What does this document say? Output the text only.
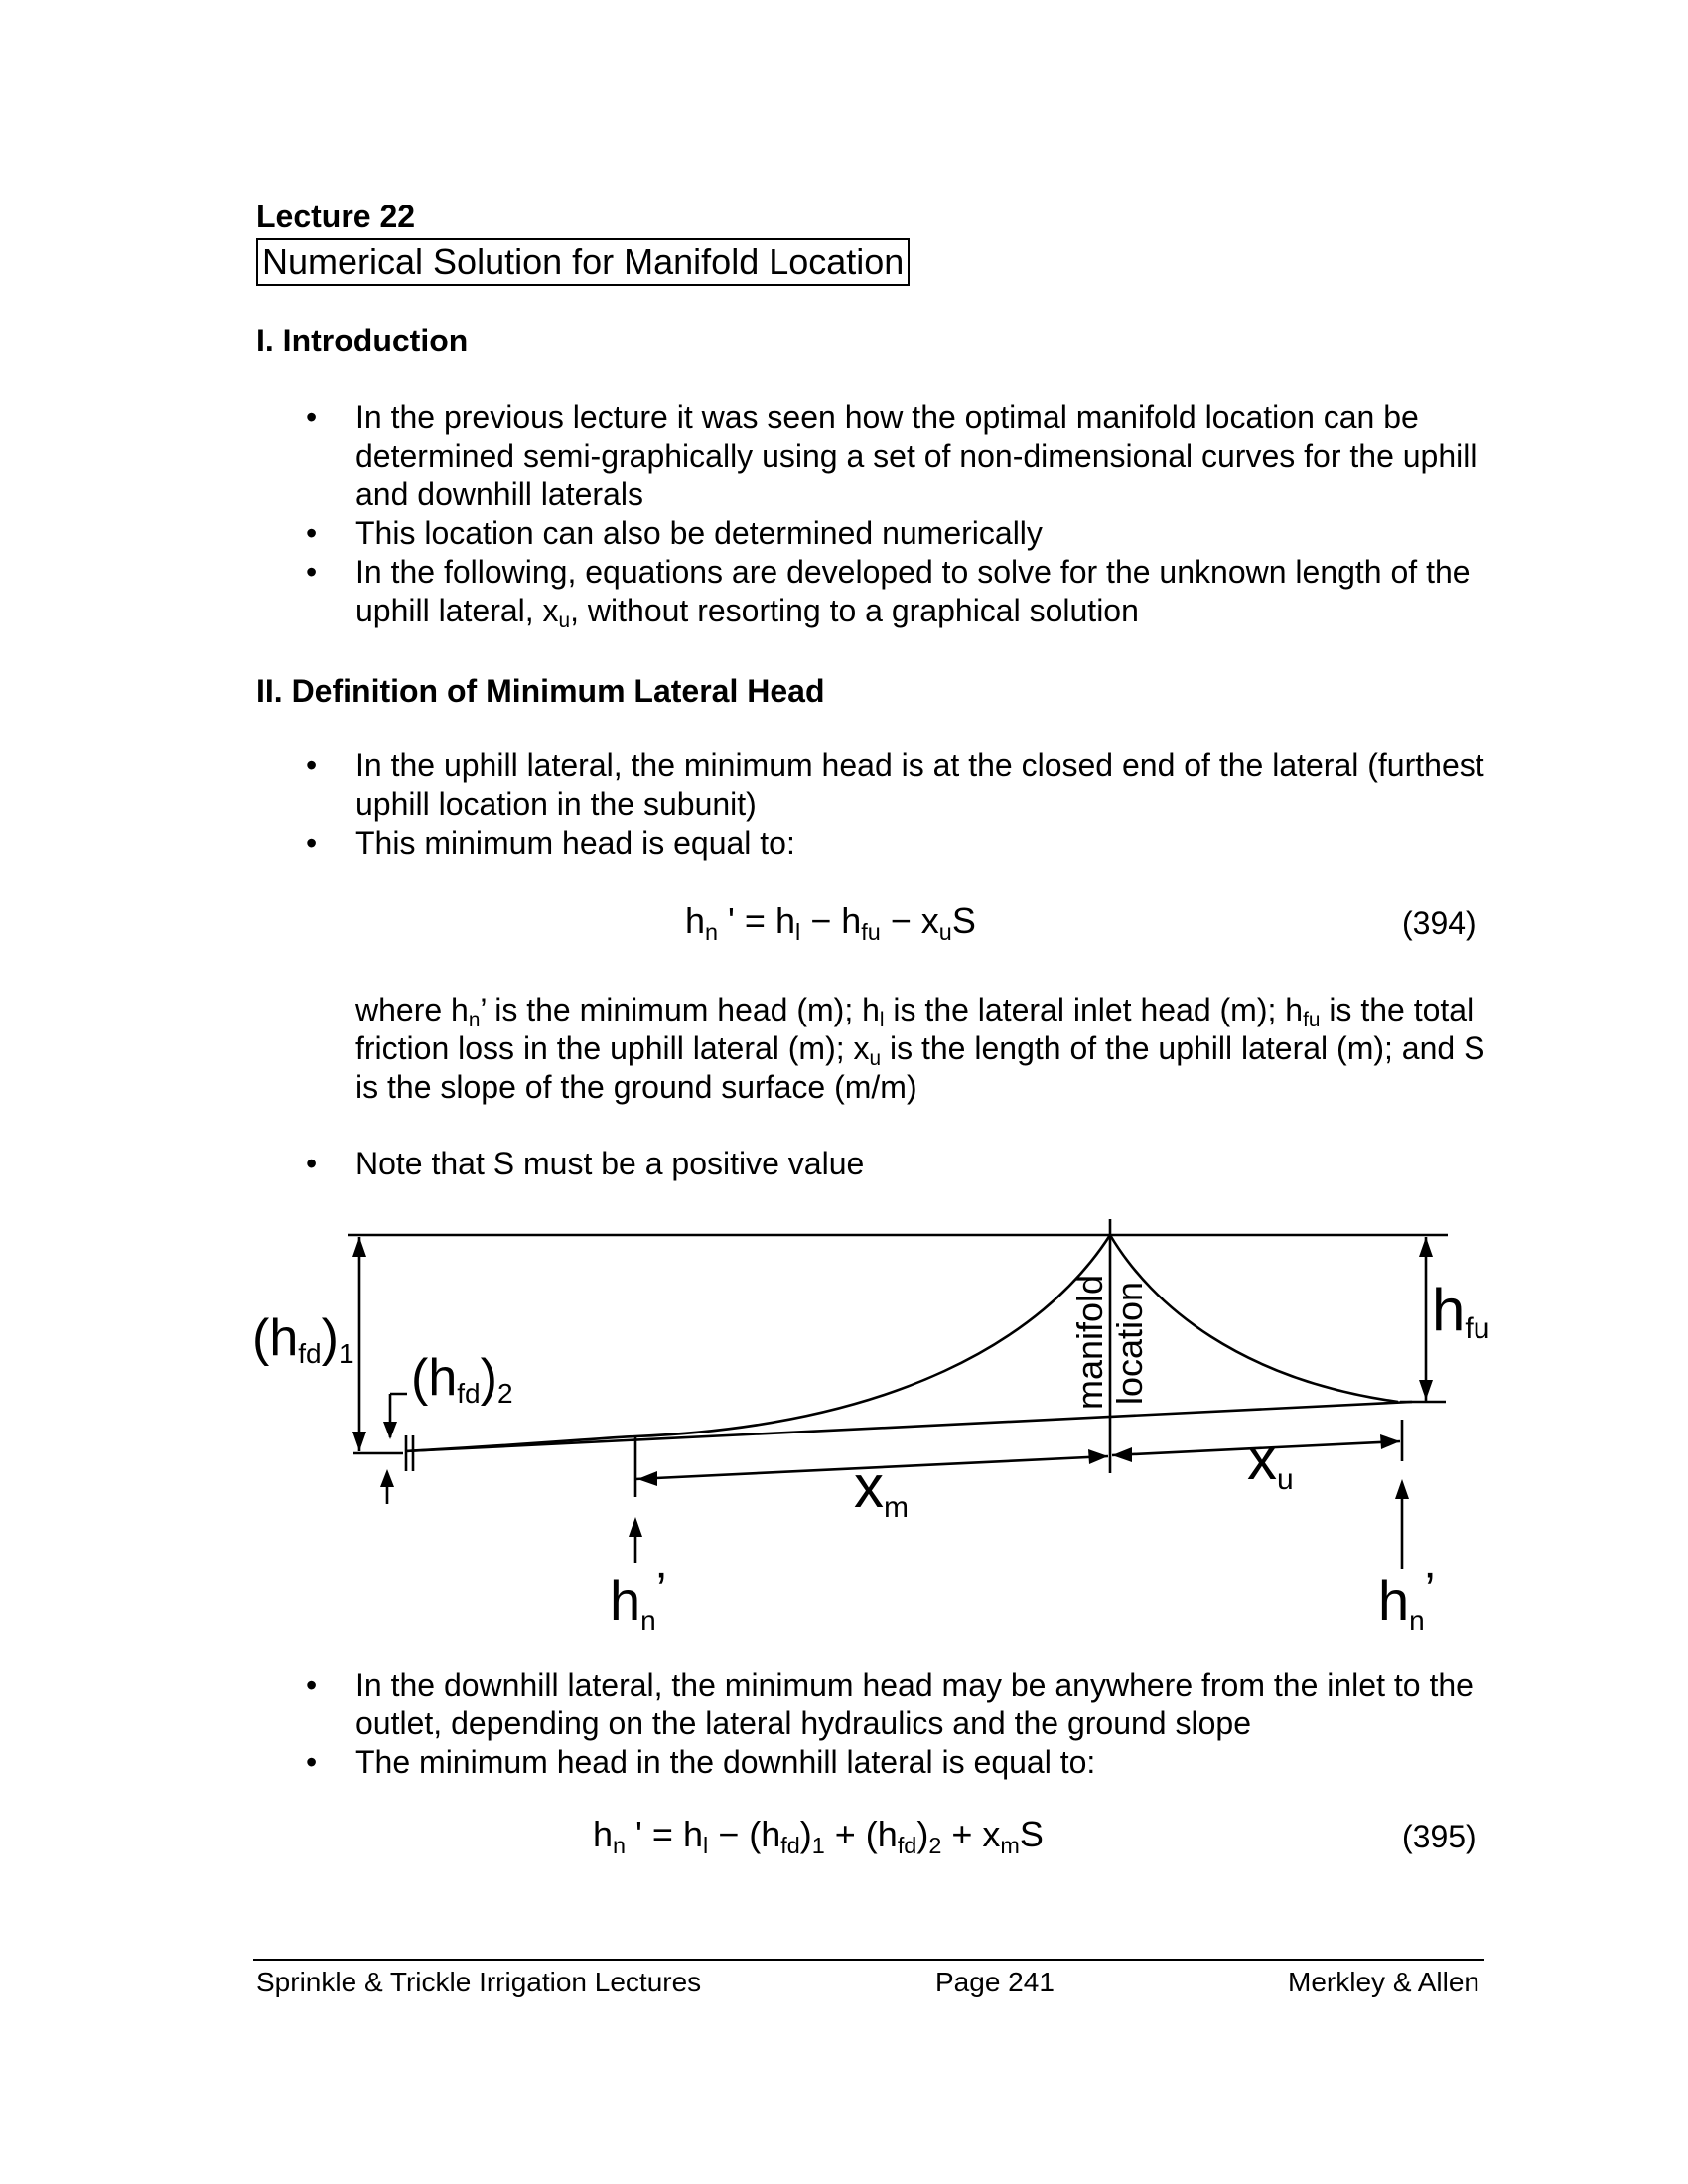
Lecture 22
Numerical Solution for Manifold Location
I. Introduction
• In the previous lecture it was seen how the optimal manifold location can be determined semi-graphically using a set of non-dimensional curves for the uphill and downhill laterals
• This location can also be determined numerically
• In the following, equations are developed to solve for the unknown length of the uphill lateral, $x_u$, without resorting to a graphical solution
II. Definition of Minimum Lateral Head
• In the uphill lateral, the minimum head is at the closed end of the lateral (furthest uphill location in the subunit)
• This minimum head is equal to:
$h_n$ ' = $h_l - h_{fu} - x_uS$	(394)
where $h_n$’ is the minimum head (m); $h_l$ is the lateral inlet head (m); $h_{fu}$ is the total friction loss in the uphill lateral (m); $x_u$ is the length of the uphill lateral (m); and S is the slope of the ground surface (m/m)
• Note that S must be a positive value
(hfd)1 (hfd)2
hfu
xm
xu
hn’	hn’
manifold location
• In the downhill lateral, the minimum head may be anywhere from the inlet to the outlet, depending on the lateral hydraulics and the ground slope
• The minimum head in the downhill lateral is equal to:
$h_n$ ' = $h_l - (h_{fd})_1 + (h_{fd})_2 + x_mS$	(395)
Sprinkle & Trickle Irrigation Lectures	Page 241	Merkley & Allen
